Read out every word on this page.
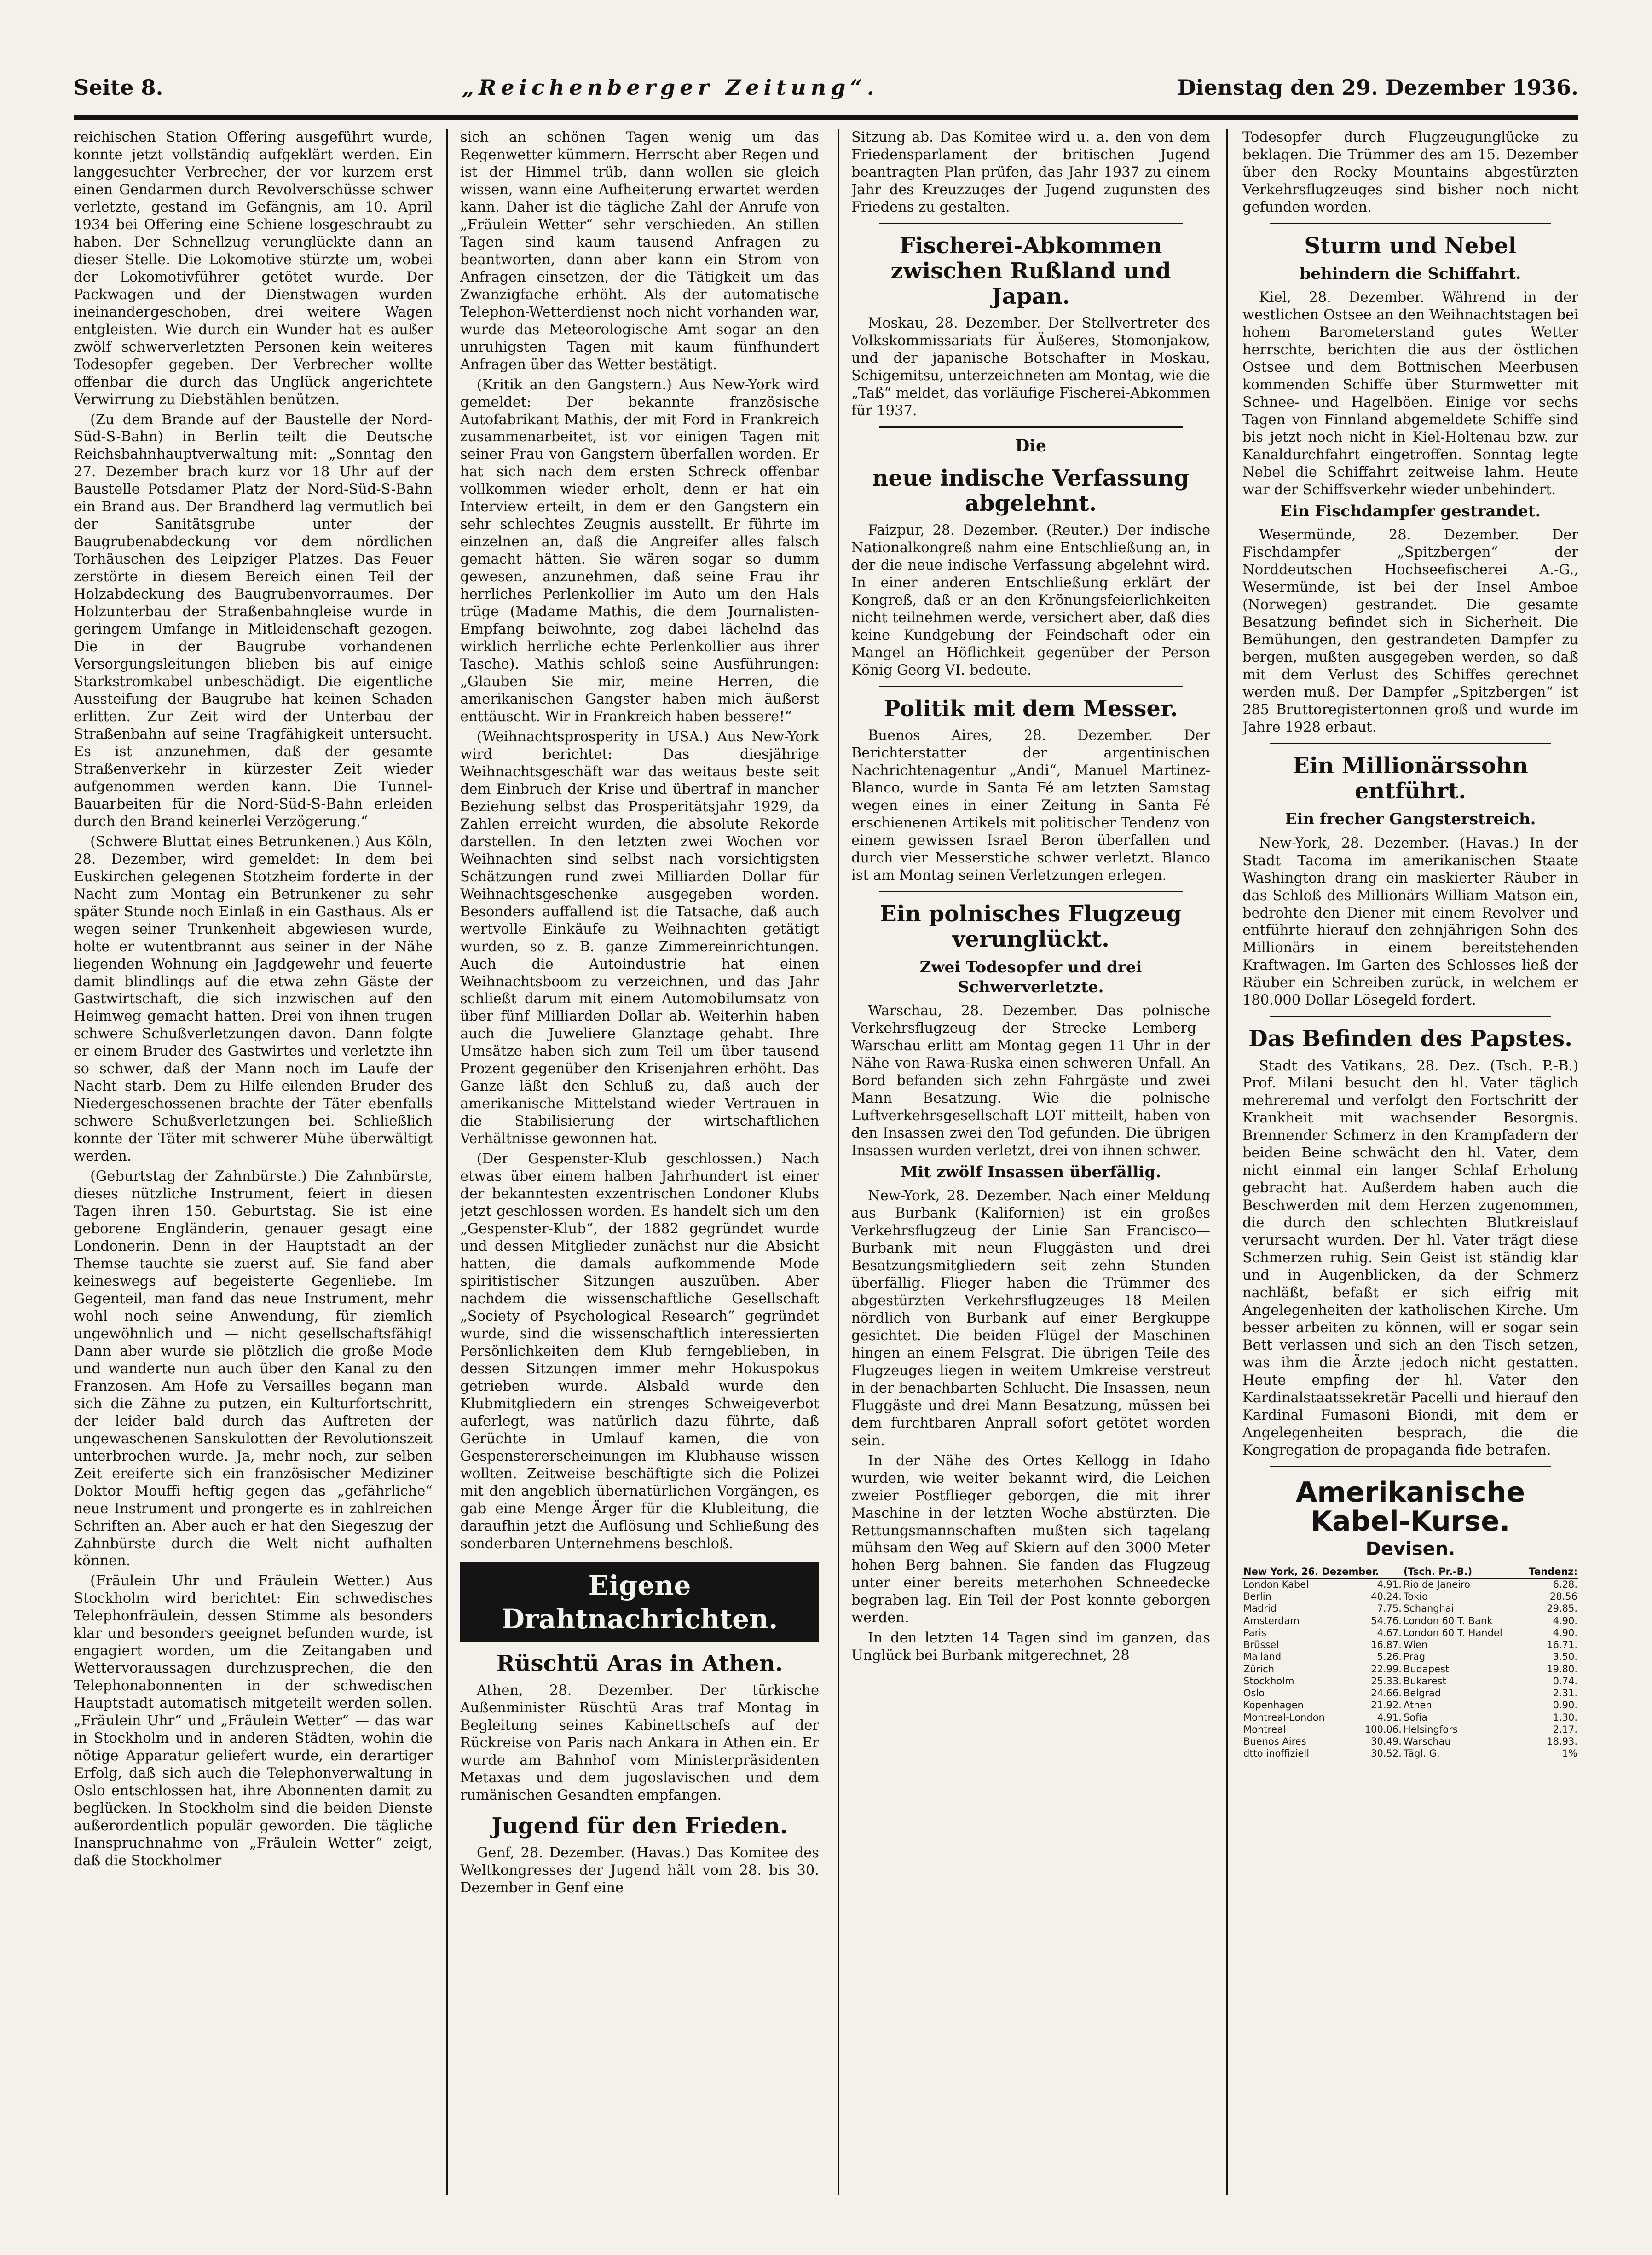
Seite 8.	„Reichenberger Zeitung“.	Dienstag den 29. Dezember 1936.

reichischen Station Offering ausgeführt wurde, konnte jetzt vollständig aufgeklärt werden. Ein langgesuchter Verbrecher, der vor kurzem erst einen Gendarmen durch Revolverschüsse schwer verletzte, gestand im Gefängnis, am 10. April 1934 bei Offering eine Schiene losgeschraubt zu haben. Der Schnellzug verunglückte dann an dieser Stelle. Die Lokomotive stürzte um, wobei der Lokomotivführer getötet wurde. Der Packwagen und der Dienstwagen wurden ineinandergeschoben, drei weitere Wagen entgleisten. Wie durch ein Wunder hat es außer zwölf schwerverletzten Personen kein weiteres Todesopfer gegeben. Der Verbrecher wollte offenbar die durch das Unglück angerichtete Verwirrung zu Diebstählen benützen.

(Zu dem Brande auf der Baustelle der Nord-Süd-S-Bahn) in Berlin teilt die Deutsche Reichsbahnhauptverwaltung mit: „Sonntag den 27. Dezember brach kurz vor 18 Uhr auf der Baustelle Potsdamer Platz der Nord-Süd-S-Bahn ein Brand aus. Der Brandherd lag vermutlich bei der Sanitätsgrube unter der Baugrubenabdeckung vor dem nördlichen Torhäuschen des Leipziger Platzes. Das Feuer zerstörte in diesem Bereich einen Teil der Holzabdeckung des Baugrubenvorraumes. Der Holzunterbau der Straßenbahngleise wurde in geringem Umfange in Mitleidenschaft gezogen. Die in der Baugrube vorhandenen Versorgungsleitungen blieben bis auf einige Starkstromkabel unbeschädigt. Die eigentliche Aussteifung der Baugrube hat keinen Schaden erlitten. Zur Zeit wird der Unterbau der Straßenbahn auf seine Tragfähigkeit untersucht. Es ist anzunehmen, daß der gesamte Straßenverkehr in kürzester Zeit wieder aufgenommen werden kann. Die Tunnel-Bauarbeiten für die Nord-Süd-S-Bahn erleiden durch den Brand keinerlei Verzögerung.“

(Schwere Bluttat eines Betrunkenen.) Aus Köln, 28. Dezember, wird gemeldet: In dem bei Euskirchen gelegenen Stotzheim forderte in der Nacht zum Montag ein Betrunkener zu sehr später Stunde noch Einlaß in ein Gasthaus. Als er wegen seiner Trunkenheit abgewiesen wurde, holte er wutentbrannt aus seiner in der Nähe liegenden Wohnung ein Jagdgewehr und feuerte damit blindlings auf die etwa zehn Gäste der Gastwirtschaft, die sich inzwischen auf den Heimweg gemacht hatten. Drei von ihnen trugen schwere Schußverletzungen davon. Dann folgte er einem Bruder des Gastwirtes und verletzte ihn so schwer, daß der Mann noch im Laufe der Nacht starb. Dem zu Hilfe eilenden Bruder des Niedergeschossenen brachte der Täter ebenfalls schwere Schußverletzungen bei. Schließlich konnte der Täter mit schwerer Mühe überwältigt werden.

(Geburtstag der Zahnbürste.) Die Zahnbürste, dieses nützliche Instrument, feiert in diesen Tagen ihren 150. Geburtstag. Sie ist eine geborene Engländerin, genauer gesagt eine Londonerin. Denn in der Hauptstadt an der Themse tauchte sie zuerst auf. Sie fand aber keineswegs auf begeisterte Gegenliebe. Im Gegenteil, man fand das neue Instrument, mehr wohl noch seine Anwendung, für ziemlich ungewöhnlich und — nicht gesellschaftsfähig! Dann aber wurde sie plötzlich die große Mode und wanderte nun auch über den Kanal zu den Franzosen. Am Hofe zu Versailles begann man sich die Zähne zu putzen, ein Kulturfortschritt, der leider bald durch das Auftreten der ungewaschenen Sanskulotten der Revolutionszeit unterbrochen wurde. Ja, mehr noch, zur selben Zeit ereiferte sich ein französischer Mediziner Doktor Mouffi heftig gegen das „gefährliche“ neue Instrument und prongerte es in zahlreichen Schriften an. Aber auch er hat den Siegeszug der Zahnbürste durch die Welt nicht aufhalten können.

(Fräulein Uhr und Fräulein Wetter.) Aus Stockholm wird berichtet: Ein schwedisches Telephonfräulein, dessen Stimme als besonders klar und besonders geeignet befunden wurde, ist engagiert worden, um die Zeitangaben und Wettervoraussagen durchzusprechen, die den Telephonabonnenten in der schwedischen Hauptstadt automatisch mitgeteilt werden sollen. „Fräulein Uhr“ und „Fräulein Wetter“ — das war in Stockholm und in anderen Städten, wohin die nötige Apparatur geliefert wurde, ein derartiger Erfolg, daß sich auch die Telephonverwaltung in Oslo entschlossen hat, ihre Abonnenten damit zu beglücken. In Stockholm sind die beiden Dienste außerordentlich populär geworden. Die tägliche Inanspruchnahme von „Fräulein Wetter“ zeigt, daß die Stockholmer

sich an schönen Tagen wenig um das Regenwetter kümmern. Herrscht aber Regen und ist der Himmel trüb, dann wollen sie gleich wissen, wann eine Aufheiterung erwartet werden kann. Daher ist die tägliche Zahl der Anrufe von „Fräulein Wetter“ sehr verschieden. An stillen Tagen sind kaum tausend Anfragen zu beantworten, dann aber kann ein Strom von Anfragen einsetzen, der die Tätigkeit um das Zwanzigfache erhöht. Als der automatische Telephon-Wetterdienst noch nicht vorhanden war, wurde das Meteorologische Amt sogar an den unruhigsten Tagen mit kaum fünfhundert Anfragen über das Wetter bestätigt.

(Kritik an den Gangstern.) Aus New-York wird gemeldet: Der bekannte französische Autofabrikant Mathis, der mit Ford in Frankreich zusammenarbeitet, ist vor einigen Tagen mit seiner Frau von Gangstern überfallen worden. Er hat sich nach dem ersten Schreck offenbar vollkommen wieder erholt, denn er hat ein Interview erteilt, in dem er den Gangstern ein sehr schlechtes Zeugnis ausstellt. Er führte im einzelnen an, daß die Angreifer alles falsch gemacht hätten. Sie wären sogar so dumm gewesen, anzunehmen, daß seine Frau ihr herrliches Perlenkollier im Auto um den Hals trüge (Madame Mathis, die dem Journalisten-Empfang beiwohnte, zog dabei lächelnd das wirklich herrliche echte Perlenkollier aus ihrer Tasche). Mathis schloß seine Ausführungen: „Glauben Sie mir, meine Herren, die amerikanischen Gangster haben mich äußerst enttäuscht. Wir in Frankreich haben bessere!“

(Weihnachtsprosperity in USA.) Aus New-York wird berichtet: Das diesjährige Weihnachtsgeschäft war das weitaus beste seit dem Einbruch der Krise und übertraf in mancher Beziehung selbst das Prosperitätsjahr 1929, da Zahlen erreicht wurden, die absolute Rekorde darstellen. In den letzten zwei Wochen vor Weihnachten sind selbst nach vorsichtigsten Schätzungen rund zwei Milliarden Dollar für Weihnachtsgeschenke ausgegeben worden. Besonders auffallend ist die Tatsache, daß auch wertvolle Einkäufe zu Weihnachten getätigt wurden, so z. B. ganze Zimmereinrichtungen. Auch die Autoindustrie hat einen Weihnachtsboom zu verzeichnen, und das Jahr schließt darum mit einem Automobilumsatz von über fünf Milliarden Dollar ab. Weiterhin haben auch die Juweliere Glanztage gehabt. Ihre Umsätze haben sich zum Teil um über tausend Prozent gegenüber den Krisenjahren erhöht. Das Ganze läßt den Schluß zu, daß auch der amerikanische Mittelstand wieder Vertrauen in die Stabilisierung der wirtschaftlichen Verhältnisse gewonnen hat.

(Der Gespenster-Klub geschlossen.) Nach etwas über einem halben Jahrhundert ist einer der bekanntesten exzentrischen Londoner Klubs jetzt geschlossen worden. Es handelt sich um den „Gespenster-Klub“, der 1882 gegründet wurde und dessen Mitglieder zunächst nur die Absicht hatten, die damals aufkommende Mode spiritistischer Sitzungen auszuüben. Aber nachdem die wissenschaftliche Gesellschaft „Society of Psychological Research“ gegründet wurde, sind die wissenschaftlich interessierten Persönlichkeiten dem Klub ferngeblieben, in dessen Sitzungen immer mehr Hokuspokus getrieben wurde. Alsbald wurde den Klubmitgliedern ein strenges Schweigeverbot auferlegt, was natürlich dazu führte, daß Gerüchte in Umlauf kamen, die von Gespenstererscheinungen im Klubhause wissen wollten. Zeitweise beschäftigte sich die Polizei mit den angeblich übernatürlichen Vorgängen, es gab eine Menge Ärger für die Klubleitung, die daraufhin jetzt die Auflösung und Schließung des sonderbaren Unternehmens beschloß.

Eigene Drahtnachrichten.
Rüschtü Aras in Athen.

Athen, 28. Dezember. Der türkische Außenminister Rüschtü Aras traf Montag in Begleitung seines Kabinettschefs auf der Rückreise von Paris nach Ankara in Athen ein. Er wurde am Bahnhof vom Ministerpräsidenten Metaxas und dem jugoslavischen und dem rumänischen Gesandten empfangen.

Jugend für den Frieden.

Genf, 28. Dezember. (Havas.) Das Komitee des Weltkongresses der Jugend hält vom 28. bis 30. Dezember in Genf eine

Sitzung ab. Das Komitee wird u. a. den von dem Friedensparlament der britischen Jugend beantragten Plan prüfen, das Jahr 1937 zu einem Jahr des Kreuzzuges der Jugend zugunsten des Friedens zu gestalten.

Fischerei-Abkommen zwischen Rußland und Japan.

Moskau, 28. Dezember. Der Stellvertreter des Volkskommissariats für Äußeres, Stomonjakow, und der japanische Botschafter in Moskau, Schigemitsu, unterzeichneten am Montag, wie die „Taß“ meldet, das vorläufige Fischerei-Abkommen für 1937.

Die
neue indische Verfassung abgelehnt.

Faizpur, 28. Dezember. (Reuter.) Der indische Nationalkongreß nahm eine Entschließung an, in der die neue indische Verfassung abgelehnt wird. In einer anderen Entschließung erklärt der Kongreß, daß er an den Krönungsfeierlichkeiten nicht teilnehmen werde, versichert aber, daß dies keine Kundgebung der Feindschaft oder ein Mangel an Höflichkeit gegenüber der Person König Georg VI. bedeute.

Politik mit dem Messer.

Buenos Aires, 28. Dezember. Der Berichterstatter der argentinischen Nachrichtenagentur „Andi“, Manuel Martinez-Blanco, wurde in Santa Fé am letzten Samstag wegen eines in einer Zeitung in Santa Fé erschienenen Artikels mit politischer Tendenz von einem gewissen Israel Beron überfallen und durch vier Messerstiche schwer verletzt. Blanco ist am Montag seinen Verletzungen erlegen.

Ein polnisches Flugzeug verunglückt.
Zwei Todesopfer und drei Schwerverletzte.

Warschau, 28. Dezember. Das polnische Verkehrsflugzeug der Strecke Lemberg—Warschau erlitt am Montag gegen 11 Uhr in der Nähe von Rawa-Ruska einen schweren Unfall. An Bord befanden sich zehn Fahrgäste und zwei Mann Besatzung. Wie die polnische Luftverkehrsgesellschaft LOT mitteilt, haben von den Insassen zwei den Tod gefunden. Die übrigen Insassen wurden verletzt, drei von ihnen schwer.

Mit zwölf Insassen überfällig.

New-York, 28. Dezember. Nach einer Meldung aus Burbank (Kalifornien) ist ein großes Verkehrsflugzeug der Linie San Francisco—Burbank mit neun Fluggästen und drei Besatzungsmitgliedern seit zehn Stunden überfällig. Flieger haben die Trümmer des abgestürzten Verkehrsflugzeuges 18 Meilen nördlich von Burbank auf einer Bergkuppe gesichtet. Die beiden Flügel der Maschinen hingen an einem Felsgrat. Die übrigen Teile des Flugzeuges liegen in weitem Umkreise verstreut in der benachbarten Schlucht. Die Insassen, neun Fluggäste und drei Mann Besatzung, müssen bei dem furchtbaren Anprall sofort getötet worden sein.

In der Nähe des Ortes Kellogg in Idaho wurden, wie weiter bekannt wird, die Leichen zweier Postflieger geborgen, die mit ihrer Maschine in der letzten Woche abstürzten. Die Rettungsmannschaften mußten sich tagelang mühsam den Weg auf Skiern auf den 3000 Meter hohen Berg bahnen. Sie fanden das Flugzeug unter einer bereits meterhohen Schneedecke begraben lag. Ein Teil der Post konnte geborgen werden.

In den letzten 14 Tagen sind im ganzen, das Unglück bei Burbank mitgerechnet, 28

Todesopfer durch Flugzeugunglücke zu beklagen. Die Trümmer des am 15. Dezember über den Rocky Mountains abgestürzten Verkehrsflugzeuges sind bisher noch nicht gefunden worden.

Sturm und Nebel
behindern die Schiffahrt.

Kiel, 28. Dezember. Während in der westlichen Ostsee an den Weihnachtstagen bei hohem Barometerstand gutes Wetter herrschte, berichten die aus der östlichen Ostsee und dem Bottnischen Meerbusen kommenden Schiffe über Sturmwetter mit Schnee- und Hagelböen. Einige vor sechs Tagen von Finnland abgemeldete Schiffe sind bis jetzt noch nicht in Kiel-Holtenau bzw. zur Kanaldurchfahrt eingetroffen. Sonntag legte Nebel die Schiffahrt zeitweise lahm. Heute war der Schiffsverkehr wieder unbehindert.

Ein Fischdampfer gestrandet.

Wesermünde, 28. Dezember. Der Fischdampfer „Spitzbergen“ der Norddeutschen Hochseefischerei A.-G., Wesermünde, ist bei der Insel Amboe (Norwegen) gestrandet. Die gesamte Besatzung befindet sich in Sicherheit. Die Bemühungen, den gestrandeten Dampfer zu bergen, mußten ausgegeben werden, so daß mit dem Verlust des Schiffes gerechnet werden muß. Der Dampfer „Spitzbergen“ ist 285 Bruttoregistertonnen groß und wurde im Jahre 1928 erbaut.

Ein Millionärssohn entführt.
Ein frecher Gangsterstreich.

New-York, 28. Dezember. (Havas.) In der Stadt Tacoma im amerikanischen Staate Washington drang ein maskierter Räuber in das Schloß des Millionärs William Matson ein, bedrohte den Diener mit einem Revolver und entführte hierauf den zehnjährigen Sohn des Millionärs in einem bereitstehenden Kraftwagen. Im Garten des Schlosses ließ der Räuber ein Schreiben zurück, in welchem er 180.000 Dollar Lösegeld fordert.

Das Befinden des Papstes.

Stadt des Vatikans, 28. Dez. (Tsch. P.-B.) Prof. Milani besucht den hl. Vater täglich mehreremal und verfolgt den Fortschritt der Krankheit mit wachsender Besorgnis. Brennender Schmerz in den Krampfadern der beiden Beine schwächt den hl. Vater, dem nicht einmal ein langer Schlaf Erholung gebracht hat. Außerdem haben auch die Beschwerden mit dem Herzen zugenommen, die durch den schlechten Blutkreislauf verursacht wurden. Der hl. Vater trägt diese Schmerzen ruhig. Sein Geist ist ständig klar und in Augenblicken, da der Schmerz nachläßt, befaßt er sich eifrig mit Angelegenheiten der katholischen Kirche. Um besser arbeiten zu können, will er sogar sein Bett verlassen und sich an den Tisch setzen, was ihm die Ärzte jedoch nicht gestatten. Heute empfing der hl. Vater den Kardinalstaatssekretär Pacelli und hierauf den Kardinal Fumasoni Biondi, mit dem er Angelegenheiten besprach, die die Kongregation de propaganda fide betrafen.

Amerikanische Kabel-Kurse.
Devisen.
New York, 26. Dezember.		(Tsch. Pr.-B.)	Tendenz:
London Kabel	4.91.	Rio de Janeiro	6.28.
Berlin	40.24.	Tokio	28.56
Madrid	7.75.	Schanghai	29.85.
Amsterdam	54.76.	London 60 T. Bank	4.90.
Paris	4.67.	London 60 T. Handel	4.90.
Brüssel	16.87.	Wien	16.71.
Mailand	5.26.	Prag	3.50.
Zürich	22.99.	Budapest	19.80.
Stockholm	25.33.	Bukarest	0.74.
Oslo	24.66.	Belgrad	2.31.
Kopenhagen	21.92.	Athen	0.90.
Montreal-London	4.91.	Sofia	1.30.
Montreal	100.06.	Helsingfors	2.17.
Buenos Aires	30.49.	Warschau	18.93.
dtto inoffiziell	30.52.	Tägl. G.	1%
